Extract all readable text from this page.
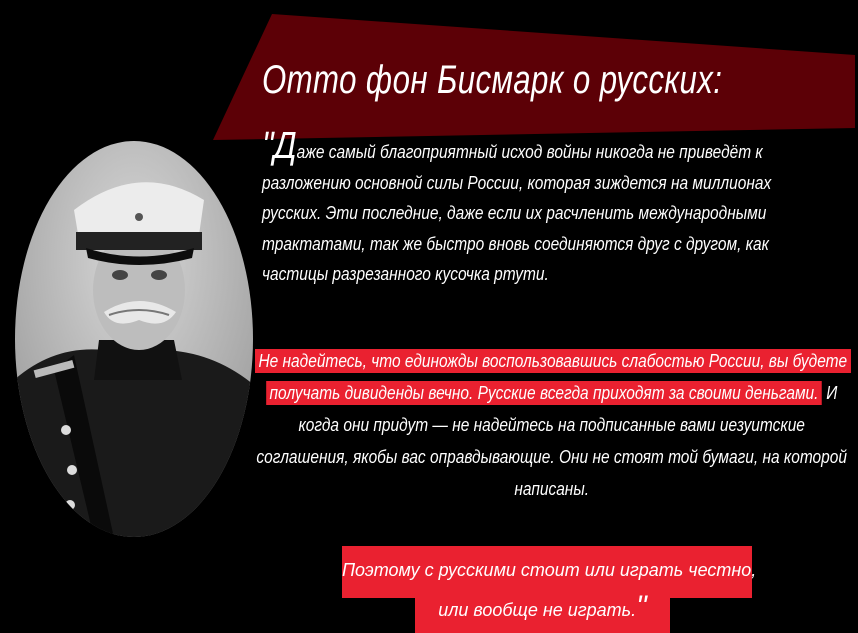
Отто фон Бисмарк о русских:
"Даже самый благоприятный исход войны никогда не приведёт к разложению основной силы России, которая зиждется на миллионах русских. Эти последние, даже если их расчленить международными трактатами, так же быстро вновь соединяются друг с другом, как частицы разрезанного кусочка ртути.
Не надейтесь, что единожды воспользовавшись слабостью России, вы будете получать дивиденды вечно. Русские всегда приходят за своими деньгами. И когда они придут — не надейтесь на подписанные вами иезуитские соглашения, якобы вас оправдывающие. Они не стоят той бумаги, на которой написаны.
Поэтому с русскими стоит или играть честно,
или вообще не играть."
